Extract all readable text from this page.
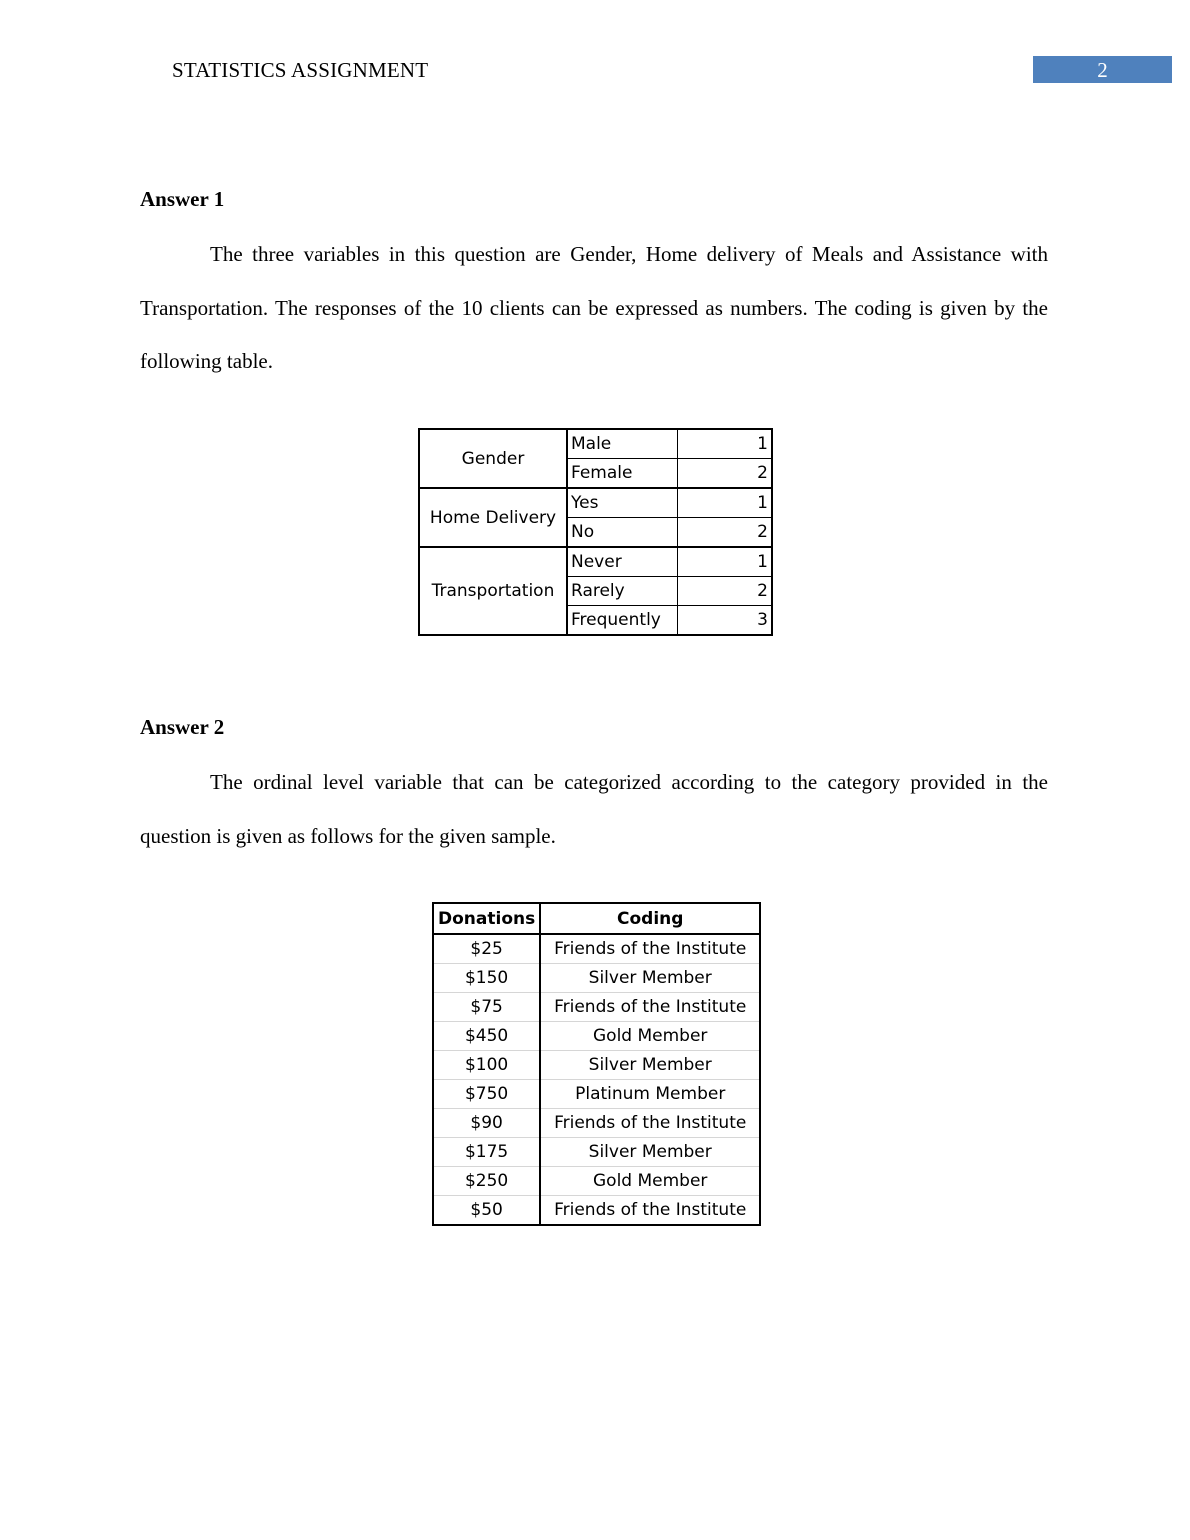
STATISTICS ASSIGNMENT	2
Answer 1

The three variables in this question are Gender, Home delivery of Meals and Assistance with Transportation. The responses of the 10 clients can be expressed as numbers. The coding is given by the following table.

Gender	Male	1
	Female	2
Home Delivery	Yes	1
	No	2
Transportation	Never	1
	Rarely	2
	Frequently	3
Answer 2

The ordinal level variable that can be categorized according to the category provided in the question is given as follows for the given sample.

Donations	Coding
$25	Friends of the Institute
$150	Silver Member
$75	Friends of the Institute
$450	Gold Member
$100	Silver Member
$750	Platinum Member
$90	Friends of the Institute
$175	Silver Member
$250	Gold Member
$50	Friends of the Institute
